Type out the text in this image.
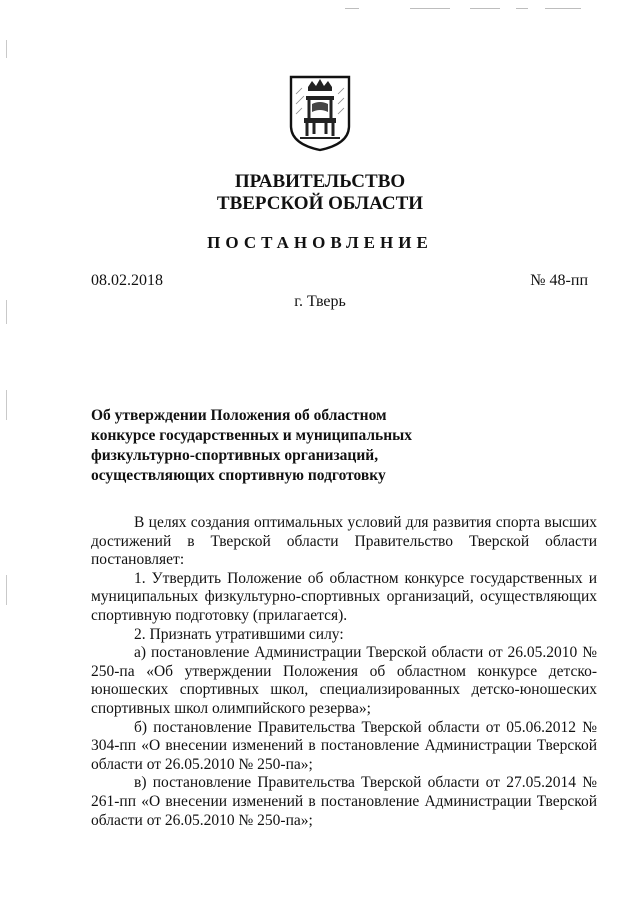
ПРАВИТЕЛЬСТВО
ТВЕРСКОЙ ОБЛАСТИ
ПОСТАНОВЛЕНИЕ
08.02.2018	№ 48-пп
г. Тверь
Об утверждении Положения об областном
конкурсе государственных и муниципальных
физкультурно-спортивных организаций,
осуществляющих спортивную подготовку

В целях создания оптимальных условий для развития спорта высших достижений в Тверской области Правительство Тверской области постановляет:

1. Утвердить Положение об областном конкурсе государственных и муниципальных физкультурно-спортивных организаций, осуществляющих спортивную подготовку (прилагается).

2. Признать утратившими силу:

а) постановление Администрации Тверской области от 26.05.2010 № 250-па «Об утверждении Положения об областном конкурсе детско-юношеских спортивных школ, специализированных детско-юношеских спортивных школ олимпийского резерва»;

б) постановление Правительства Тверской области от 05.06.2012 № 304-пп «О внесении изменений в постановление Администрации Тверской области от 26.05.2010 № 250-па»;

в) постановление Правительства Тверской области от 27.05.2014 № 261-пп «О внесении изменений в постановление Администрации Тверской области от 26.05.2010 № 250-па»;
